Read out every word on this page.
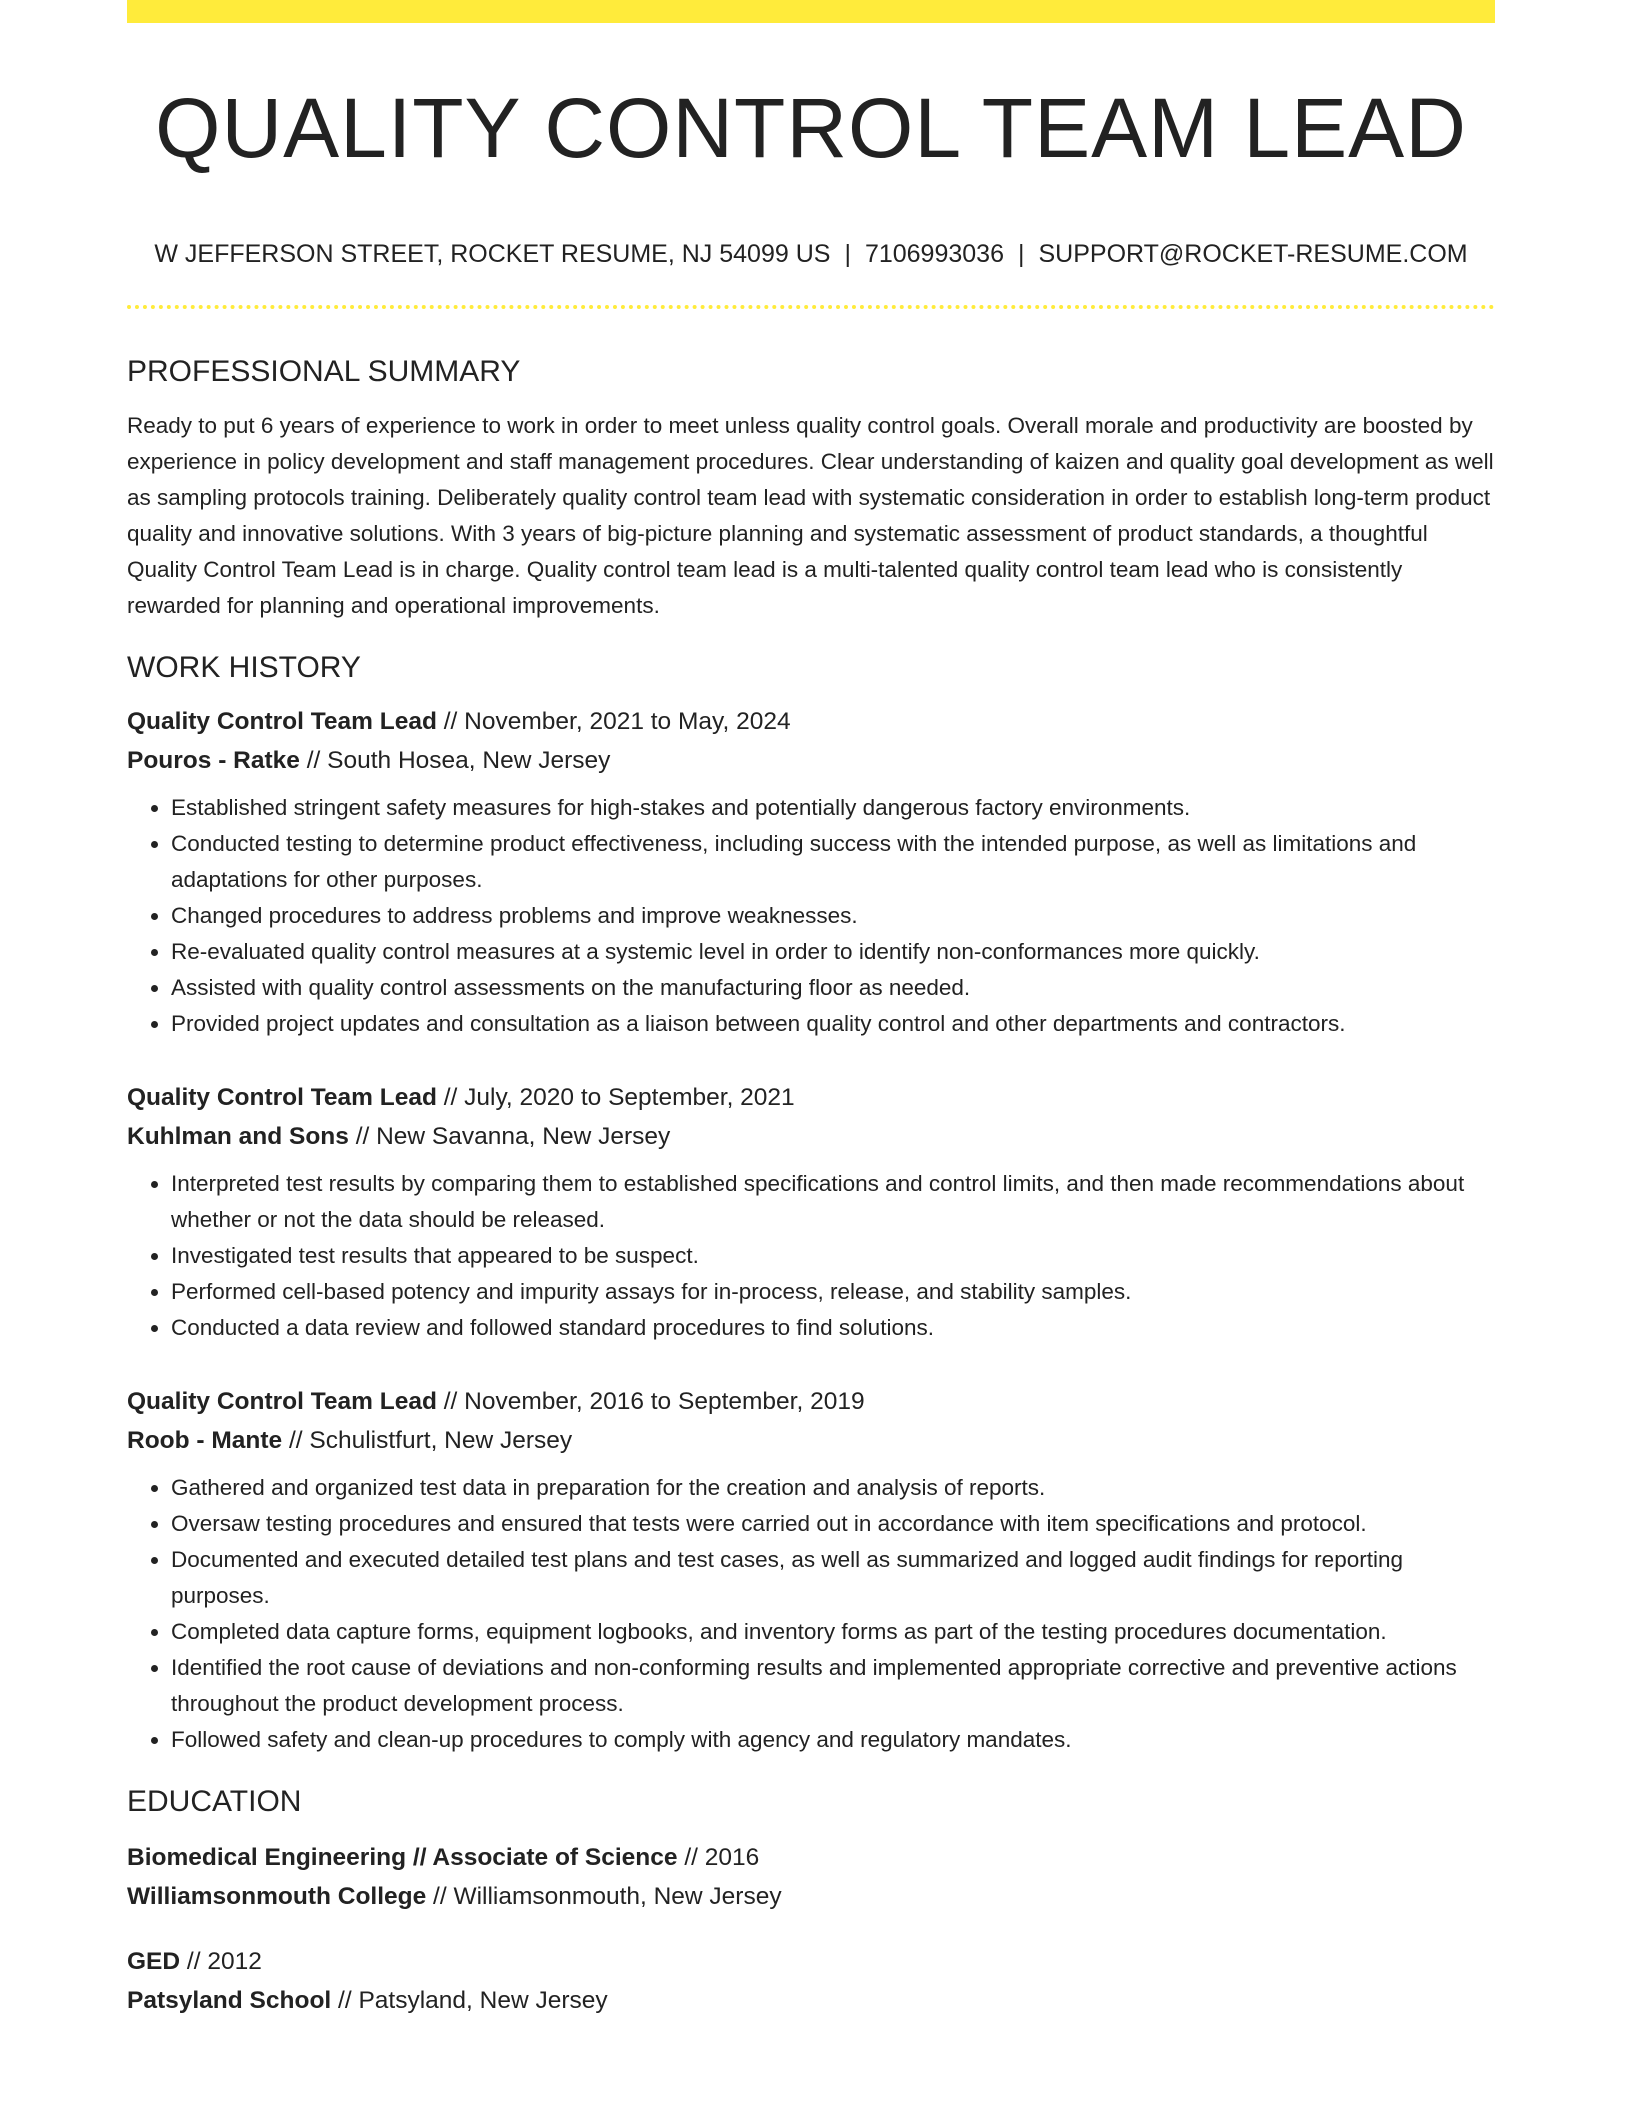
QUALITY CONTROL TEAM LEAD
W JEFFERSON STREET, ROCKET RESUME, NJ 54099 US | 7106993036 | SUPPORT@ROCKET-RESUME.COM
PROFESSIONAL SUMMARY

Ready to put 6 years of experience to work in order to meet unless quality control goals. Overall morale and productivity are boosted by experience in policy development and staff management procedures. Clear understanding of kaizen and quality goal development as well as sampling protocols training. Deliberately quality control team lead with systematic consideration in order to establish long-term product quality and innovative solutions. With 3 years of big-picture planning and systematic assessment of product standards, a thoughtful Quality Control Team Lead is in charge. Quality control team lead is a multi-talented quality control team lead who is consistently rewarded for planning and operational improvements.

WORK HISTORY
Quality Control Team Lead // November, 2021 to May, 2024
Pouros - Ratke // South Hosea, New Jersey
• Established stringent safety measures for high-stakes and potentially dangerous factory environments.
• Conducted testing to determine product effectiveness, including success with the intended purpose, as well as limitations and adaptations for other purposes.
• Changed procedures to address problems and improve weaknesses.
• Re-evaluated quality control measures at a systemic level in order to identify non-conformances more quickly.
• Assisted with quality control assessments on the manufacturing floor as needed.
• Provided project updates and consultation as a liaison between quality control and other departments and contractors.
Quality Control Team Lead // July, 2020 to September, 2021
Kuhlman and Sons // New Savanna, New Jersey
• Interpreted test results by comparing them to established specifications and control limits, and then made recommendations about whether or not the data should be released.
• Investigated test results that appeared to be suspect.
• Performed cell-based potency and impurity assays for in-process, release, and stability samples.
• Conducted a data review and followed standard procedures to find solutions.
Quality Control Team Lead // November, 2016 to September, 2019
Roob - Mante // Schulistfurt, New Jersey
• Gathered and organized test data in preparation for the creation and analysis of reports.
• Oversaw testing procedures and ensured that tests were carried out in accordance with item specifications and protocol.
• Documented and executed detailed test plans and test cases, as well as summarized and logged audit findings for reporting purposes.
• Completed data capture forms, equipment logbooks, and inventory forms as part of the testing procedures documentation.
• Identified the root cause of deviations and non-conforming results and implemented appropriate corrective and preventive actions throughout the product development process.
• Followed safety and clean-up procedures to comply with agency and regulatory mandates.
EDUCATION
Biomedical Engineering // Associate of Science // 2016
Williamsonmouth College // Williamsonmouth, New Jersey
GED // 2012
Patsyland School // Patsyland, New Jersey
